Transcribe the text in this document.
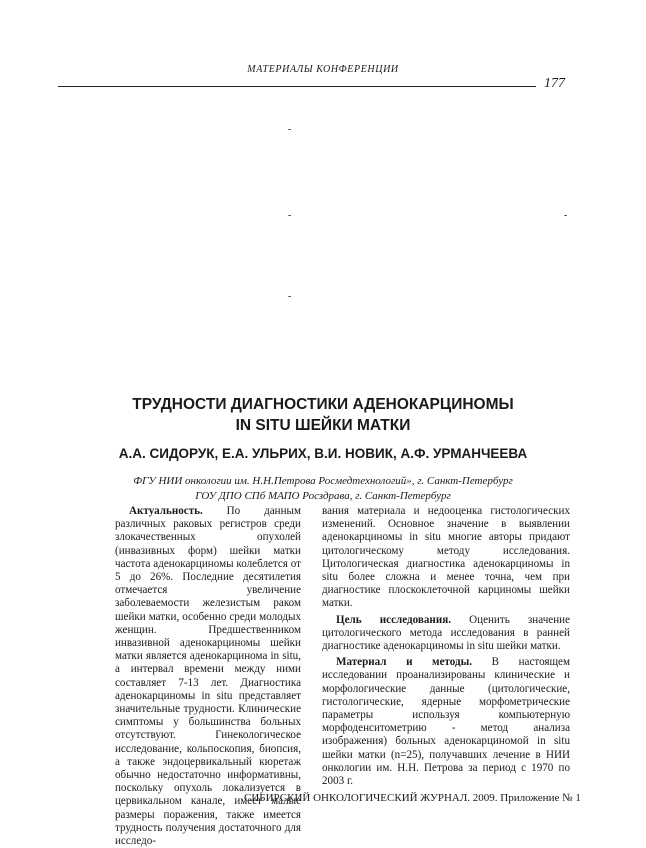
МАТЕРИАЛЫ КОНФЕРЕНЦИИ
177
-
-	-
-
ТРУДНОСТИ ДИАГНОСТИКИ АДЕНОКАРЦИНОМЫ
IN SITU ШЕЙКИ МАТКИ
А.А. СИДОРУК, Е.А. УЛЬРИХ, В.И. НОВИК, А.Ф. УРМАНЧЕЕВА
ФГУ НИИ онкологии им. Н.Н.Петрова Росмедтехнологий», г. Санкт-Петербург
ГОУ ДПО СПб МАПО Росздрава, г. Санкт-Петербург

Актуальность. По данным различных раковых регистров среди злокачественных опухолей (инвазивных форм) шейки матки частота аденокарциномы колеблется от 5 до 26%. Последние десятилетия отмечается увеличение заболеваемости железистым раком шейки матки, особенно среди молодых женщин. Предшественником инвазивной аденокарциномы шейки матки является аденокарцинома in situ, а интервал времени между ними составляет 7-13 лет. Диагностика аденокарциномы in situ представляет значительные трудности. Клинические симптомы у большинства больных отсутствуют. Гинекологическое исследование, кольпоскопия, биопсия, а также эндоцервикальный кюретаж обычно недостаточно информативны, поскольку опухоль локализуется в цервикальном канале, имеет малые размеры поражения, также имеется трудность получения достаточного для исследо-

вания материала и недооценка гистологических изменений. Основное значение в выявлении аденокарциномы in situ многие авторы придают цитологическому методу исследования. Цитологическая диагностика аденокарциномы in situ более сложна и менее точна, чем при диагностике плоскоклеточной карциномы шейки матки.

Цель исследования. Оценить значение цитологического метода исследования в ранней диагностике аденокарциномы in situ шейки матки.

Материал и методы. В настоящем исследовании проанализированы клинические и морфологические данные (цитологические, гистологические, ядерные морфометрические параметры используя компьютерную морфоденситометрию - метод анализа изображения) больных аденокарциномой in situ шейки матки (n=25), получавших лечение в НИИ онкологии им. Н.Н. Петрова за период с 1970 по 2003 г.

СИБИРСКИЙ ОНКОЛОГИЧЕСКИЙ ЖУРНАЛ. 2009. Приложение № 1
